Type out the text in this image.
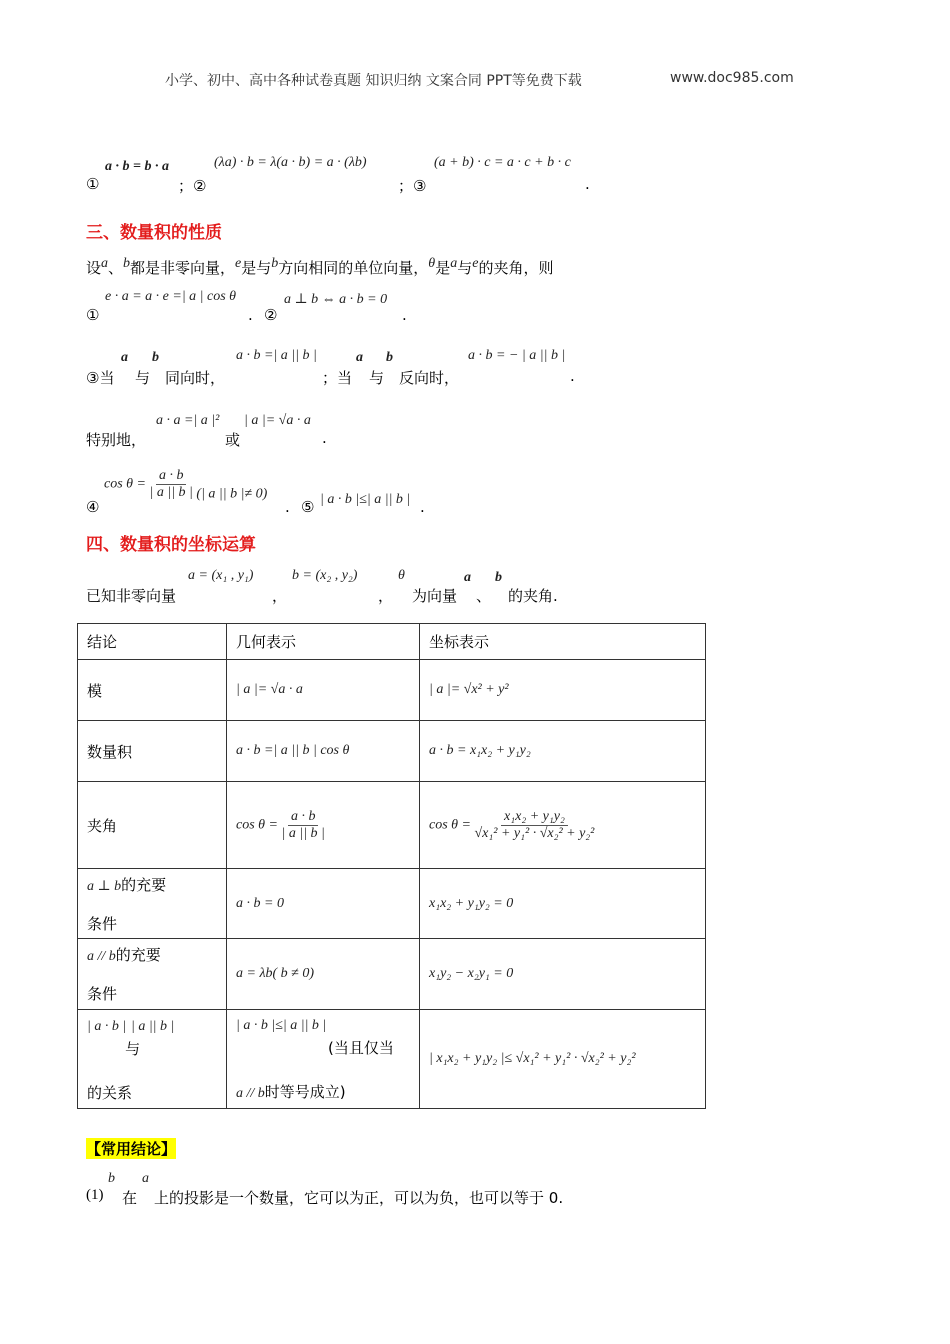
小学、初中、高中各种试卷真题 知识归纳 文案合同 PPT等免费下载	www.doc985.com
①
a · b = b · a
；②
(λa) · b = λ(a · b) = a · (λb)
；③
(a + b) · c = a · c + b · c
.
三、数量积的性质
设$^a$、$^b$都是非零向量，$^e$是与$^b$方向相同的单位向量，$^\theta$是$^a$与$^e$的夹角，则
①
e · a = a · e =| a | cos θ
. ②
a ⊥ b ⇔ a · b = 0
.
③当
a
与
b
同向时，
a · b =| a || b |
；当
a
与
b
反向时，
a · b = − | a || b |
.
特别地，
a · a =| a |²
或
| a |= √a · a
.
④
$\cos \theta = \frac{a \cdot b}{| a || b |}$ (| a || b |≠ 0)
. ⑤ | a · b |≤| a || b | .
四、数量积的坐标运算
已知非零向量
a = (x₁ , y₁)
，
b = (x₂ , y₂)
，
θ
为向量
a
、
b
的夹角.
结论	几何表示	坐标表示
模	| a |= √a · a	| a |= √x² + y²
数量积	a · b =| a || b | cos θ	a · b = x₁x₂ + y₁y₂
夹角	$\cos \theta = \frac{a \cdot b}{| a || b |}$	$\cos \theta = \frac{\text{x₁x₂ + y₁y₂}}{\text{√x₁² + y₁² · √x₂² + y₂²}}$

a ⊥ b的充要

条件	a · b = 0	x₁x₂ + y₁y₂ = 0
a // b的充要

条件	a = λb( b ≠ 0)	x₁y₂ − x₂y₁ = 0
| a · b | | a || b |
与

的关系	| a · b |≤| a || b |
(当且仅当

a // b时等号成立)	| x₁x₂ + y₁y₂ |≤ √x₁² + y₁² · √x₂² + y₂²
【常用结论】
(1)
b
在
a
上的投影是一个数量，它可以为正，可以为负，也可以等于 0.
